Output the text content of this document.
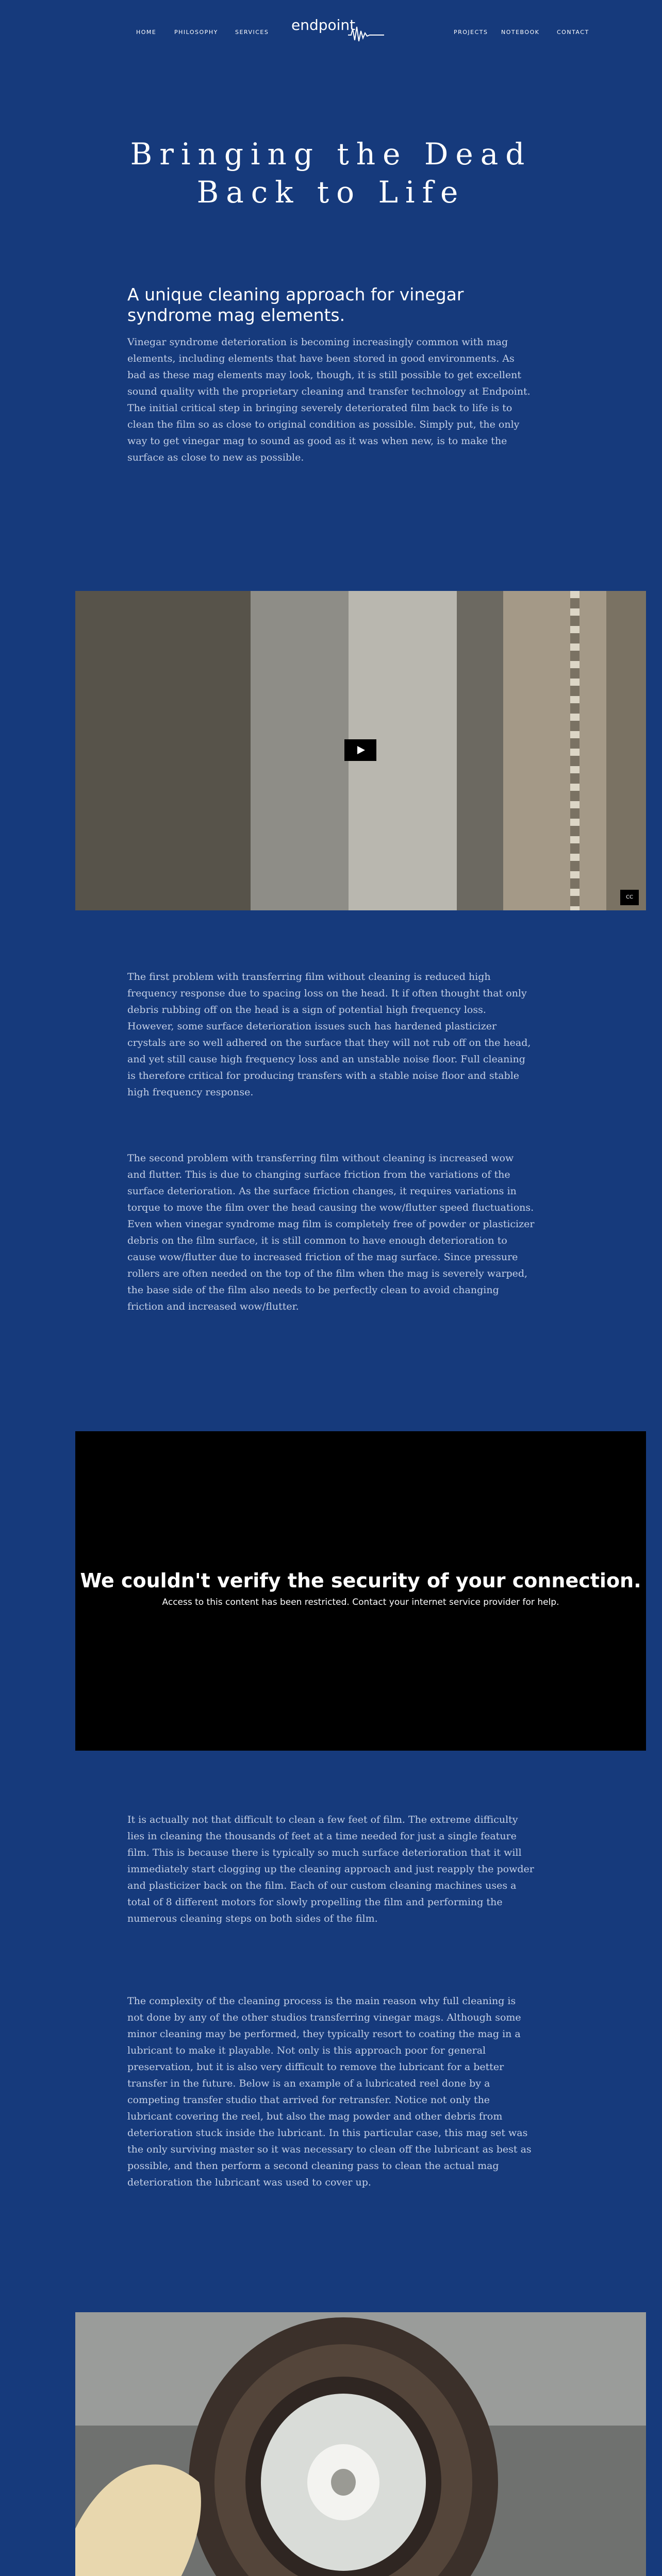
HOME	PHILOSOPHY	SERVICES endpoint	PROJECTS NOTEBOOK	CONTACT
Bringing the Dead
Back to Life
A unique cleaning approach for vinegar syndrome mag elements.

Vinegar syndrome deterioration is becoming increasingly common with mag elements, including elements that have been stored in good environments. As bad as these mag elements may look, though, it is still possible to get excellent sound quality with the proprietary cleaning and transfer technology at Endpoint. The initial critical step in bringing severely deteriorated film back to life is to clean the film so as close to original condition as possible. Simply put, the only way to get vinegar mag to sound as good as it was when new, is to make the surface as close to new as possible.

CC

The first problem with transferring film without cleaning is reduced high frequency response due to spacing loss on the head. It if often thought that only debris rubbing off on the head is a sign of potential high frequency loss. However, some surface deterioration issues such has hardened plasticizer crystals are so well adhered on the surface that they will not rub off on the head, and yet still cause high frequency loss and an unstable noise floor. Full cleaning is therefore critical for producing transfers with a stable noise floor and stable high frequency response.

The second problem with transferring film without cleaning is increased wow and flutter. This is due to changing surface friction from the variations of the surface deterioration. As the surface friction changes, it requires variations in torque to move the film over the head causing the wow/flutter speed fluctuations. Even when vinegar syndrome mag film is completely free of powder or plasticizer debris on the film surface, it is still common to have enough deterioration to cause wow/flutter due to increased friction of the mag surface. Since pressure rollers are often needed on the top of the film when the mag is severely warped, the base side of the film also needs to be perfectly clean to avoid changing friction and increased wow/flutter.

We couldn't verify the security of your connection.
Access to this content has been restricted. Contact your internet service provider for help.

It is actually not that difficult to clean a few feet of film. The extreme difficulty lies in cleaning the thousands of feet at a time needed for just a single feature film. This is because there is typically so much surface deterioration that it will immediately start clogging up the cleaning approach and just reapply the powder and plasticizer back on the film. Each of our custom cleaning machines uses a total of 8 different motors for slowly propelling the film and performing the numerous cleaning steps on both sides of the film.

The complexity of the cleaning process is the main reason why full cleaning is not done by any of the other studios transferring vinegar mags. Although some minor cleaning may be performed, they typically resort to coating the mag in a lubricant to make it playable. Not only is this approach poor for general preservation, but it is also very difficult to remove the lubricant for a better transfer in the future. Below is an example of a lubricated reel done by a competing transfer studio that arrived for retransfer. Notice not only the lubricant covering the reel, but also the mag powder and other debris from deterioration stuck inside the lubricant. In this particular case, this mag set was the only surviving master so it was necessary to clean off the lubricant as best as possible, and then perform a second cleaning pass to clean the actual mag deterioration the lubricant was used to cover up.
